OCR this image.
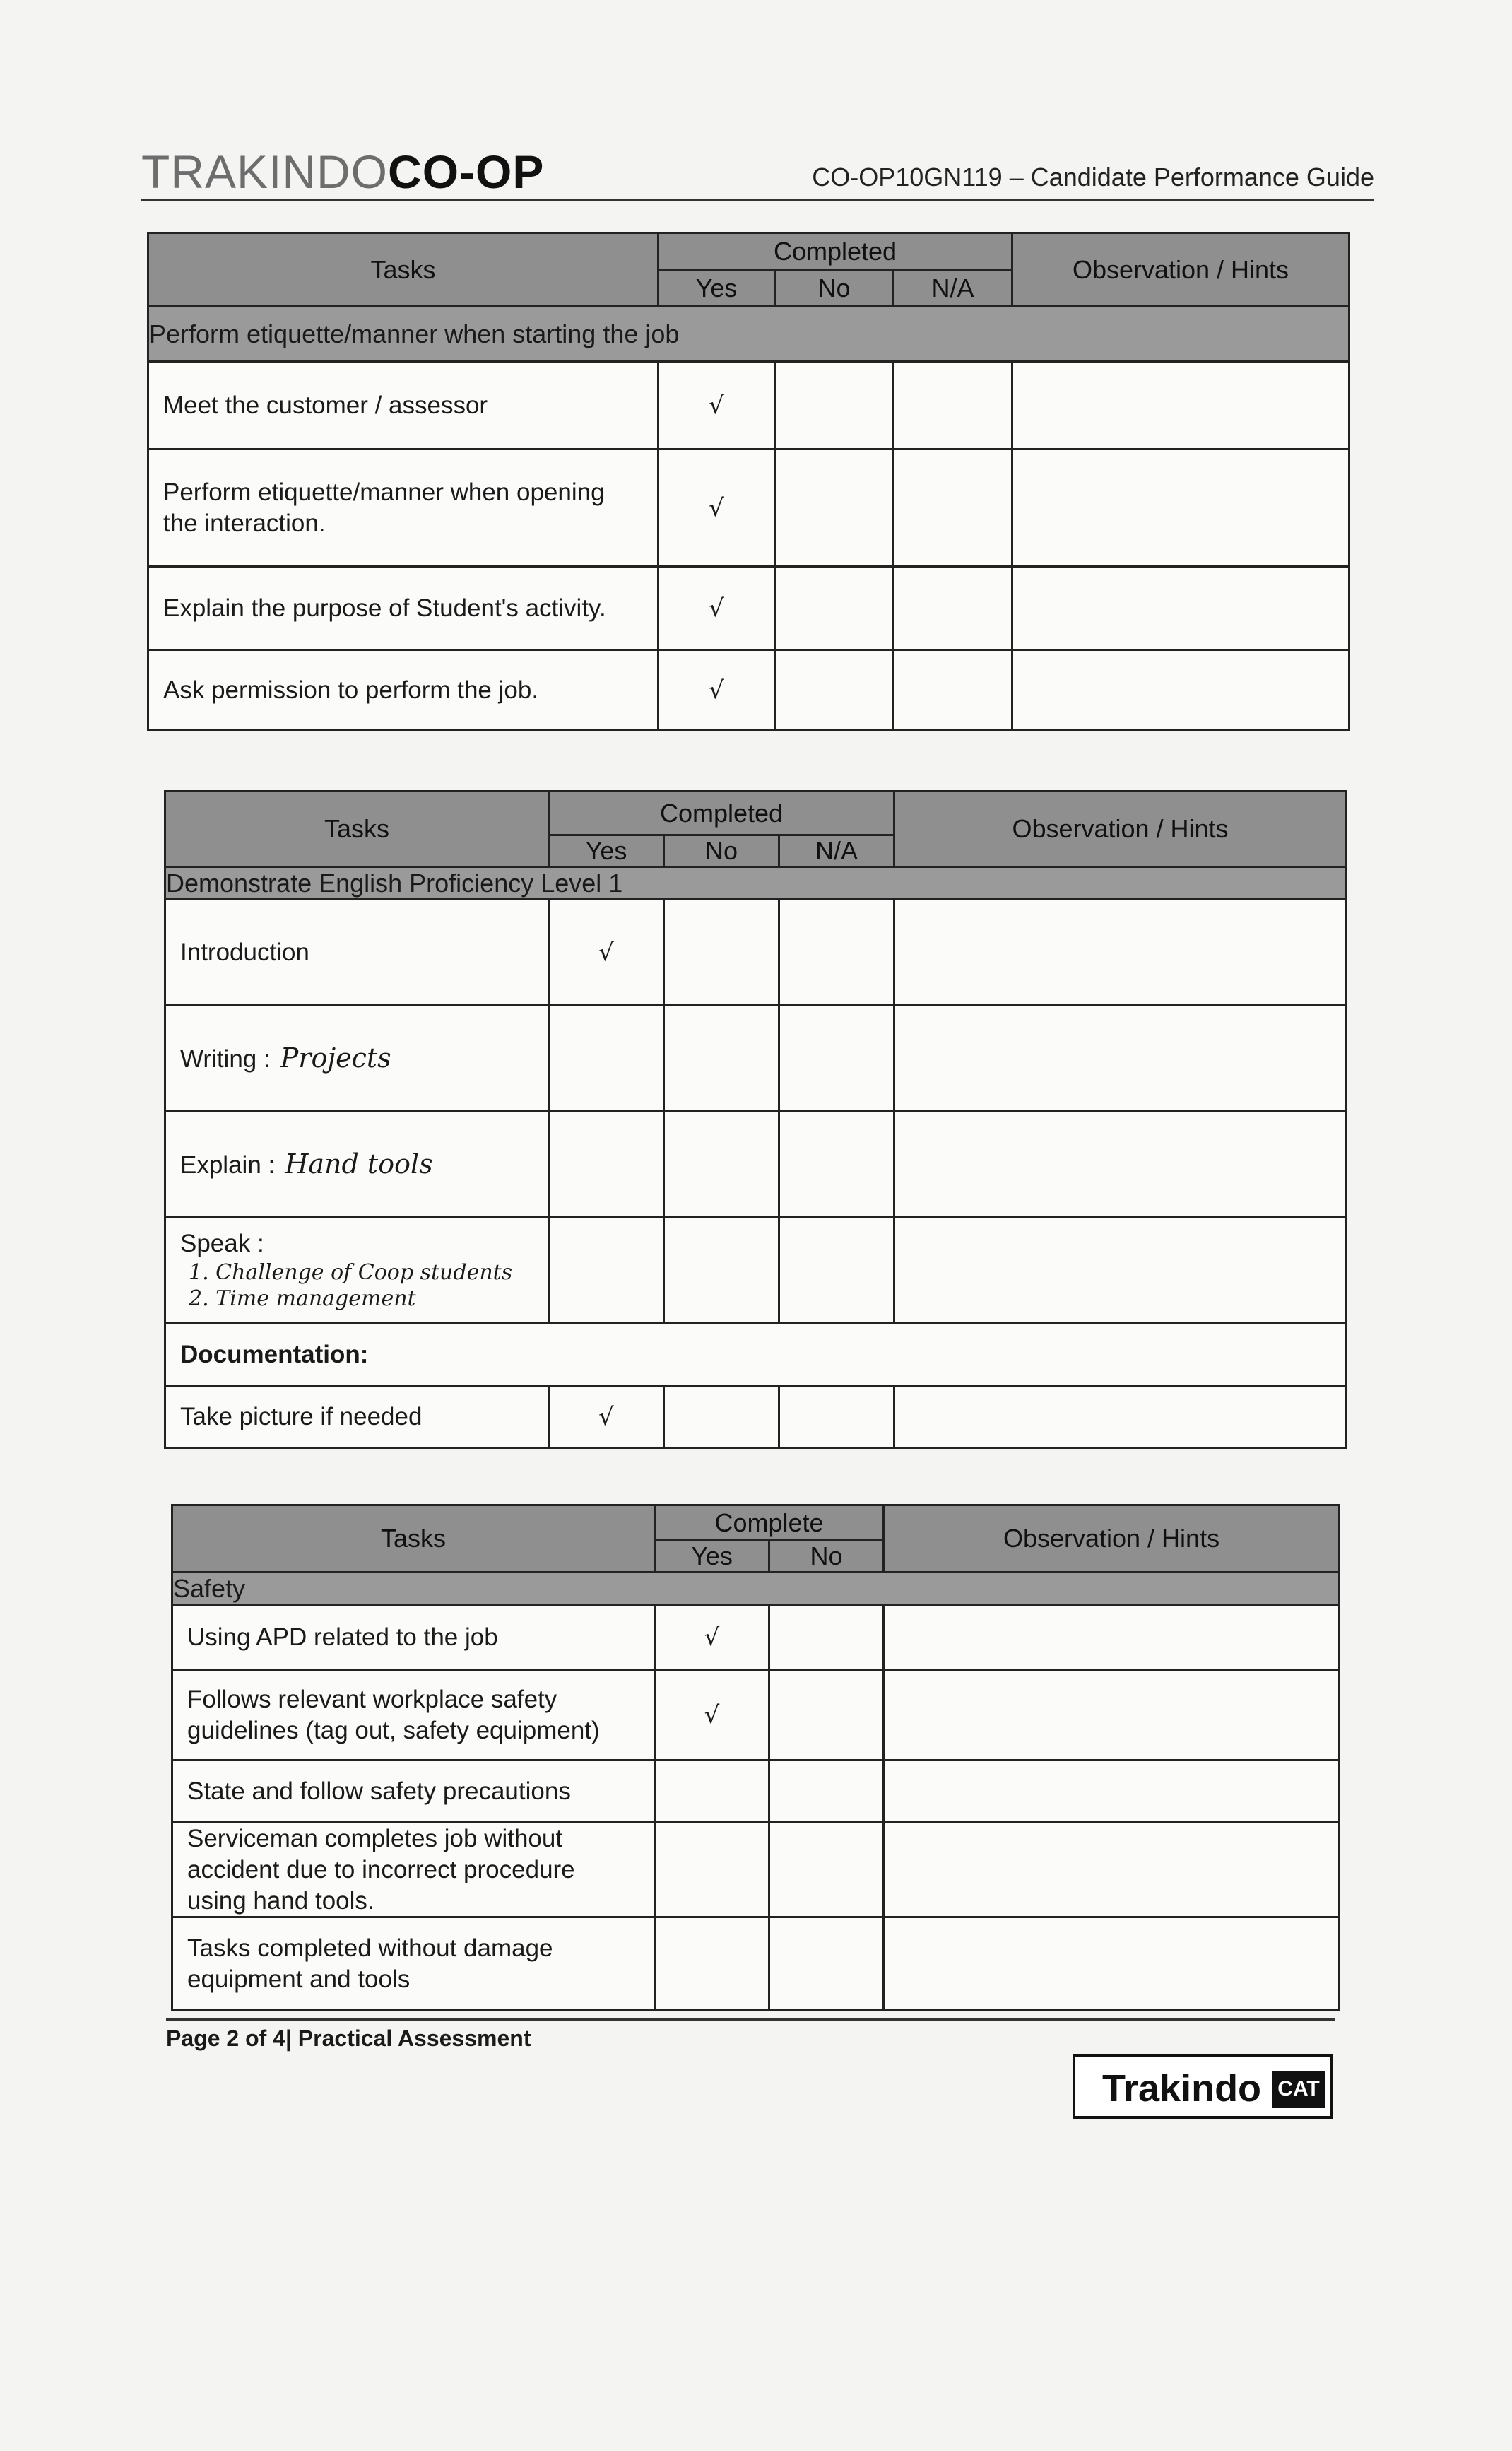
TRAKINDOCO-OP	CO-OP10GN119 – Candidate Performance Guide
Tasks	Completed			Observation / Hints
	Yes	No	N/A	
Perform etiquette/manner when starting the job				
Meet the customer / assessor	√			
Perform etiquette/manner when opening the interaction.	√			
Explain the purpose of Student's activity.	√			
Ask permission to perform the job.	√			
Tasks	Completed			Observation / Hints
	Yes	No	N/A	
Demonstrate English Proficiency Level 1				
Introduction	√			
Writing : Projects				
Explain : Hand tools				
Speak :1. Challenge of Coop students
2. Time management				
Documentation:				
Take picture if needed	√			
Tasks	Complete		Observation / Hints
	Yes	No	
Safety			
Using APD related to the job	√		
Follows relevant workplace safety guidelines (tag out, safety equipment)	√		
State and follow safety precautions			
Serviceman completes job without accident due to incorrect procedure using hand tools.			
Tasks completed without damage equipment and tools			
Page 2 of 4| Practical Assessment
Trakindo CAT
